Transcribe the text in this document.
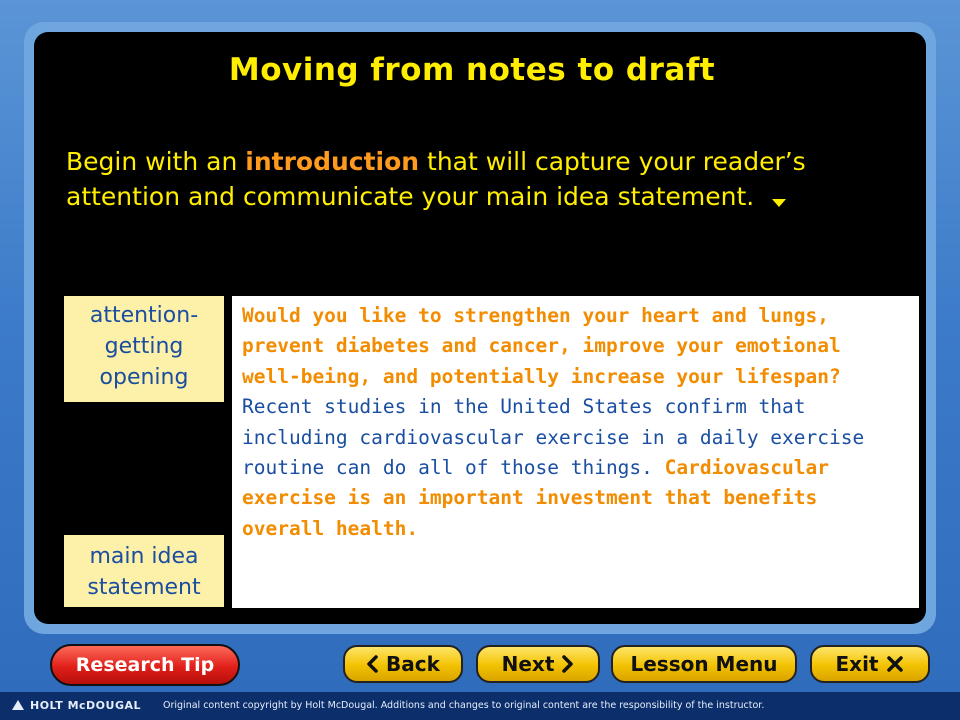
Moving from notes to draft
Begin with an introduction that will capture your reader’s attention and communicate your main idea statement.
attention-getting opening
main idea statement
Would you like to strengthen your heart and lungs, prevent diabetes and cancer, improve your emotional well-being, and potentially increase your lifespan? Recent studies in the United States confirm that including cardiovascular exercise in a daily exercise routine can do all of those things. Cardiovascular exercise is an important investment that benefits overall health.
Research Tip	Back	Next	Lesson Menu	Exit
HOLT McDOUGAL Original content copyright by Holt McDougal. Additions and changes to original content are the responsibility of the instructor.
